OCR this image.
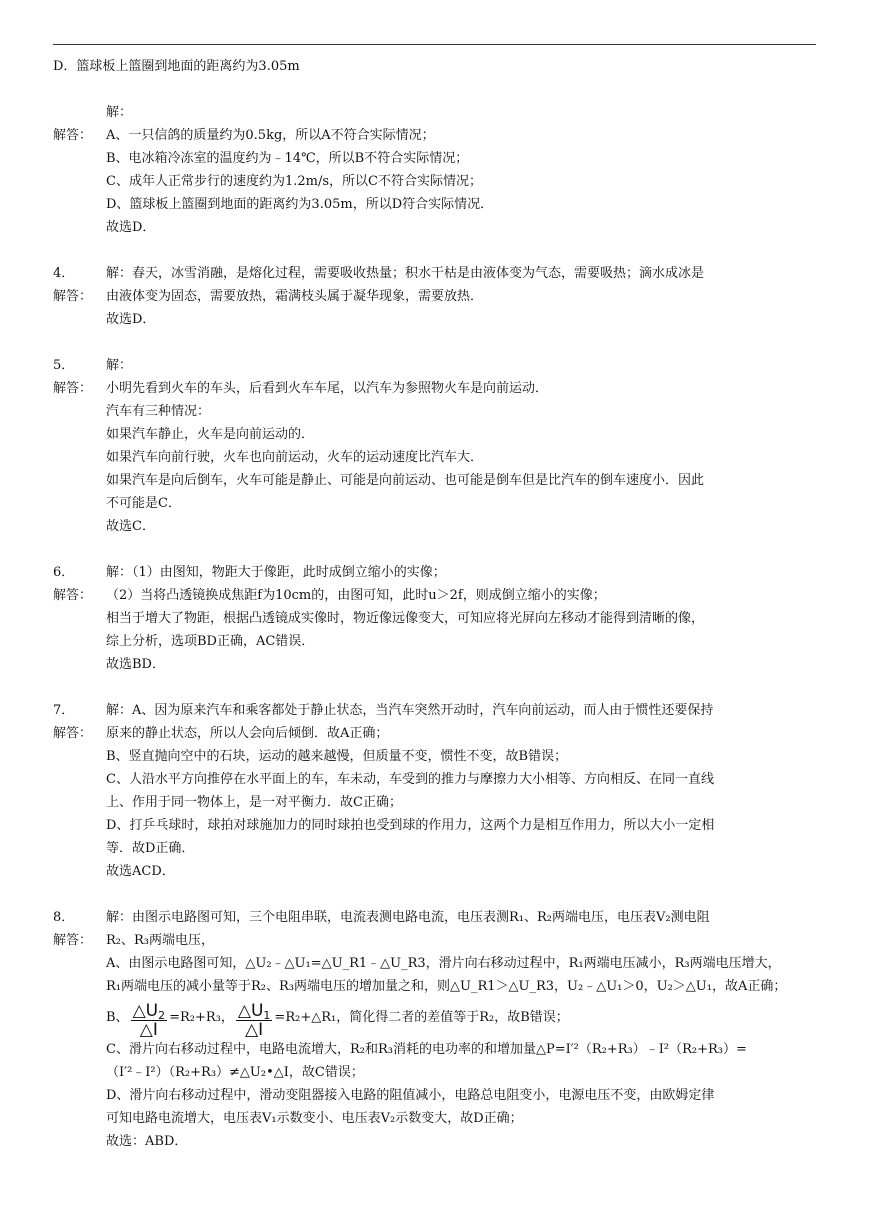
D．篮球板上篮圈到地面的距离约为3.05m
解答：
解：
A、一只信鸽的质量约为0.5kg，所以A不符合实际情况；
B、电冰箱冷冻室的温度约为﹣14℃，所以B不符合实际情况；
C、成年人正常步行的速度约为1.2m/s，所以C不符合实际情况；
D、篮球板上篮圈到地面的距离约为3.05m，所以D符合实际情况．
故选D．
4．
解答：
解：春天，冰雪消融，是熔化过程，需要吸收热量；积水干枯是由液体变为气态，需要吸热；滴水成冰是
由液体变为固态，需要放热，霜满枝头属于凝华现象，需要放热．
故选D．
5．
解答：
解：
小明先看到火车的车头，后看到火车车尾，以汽车为参照物火车是向前运动．
汽车有三种情况：
如果汽车静止，火车是向前运动的．
如果汽车向前行驶，火车也向前运动，火车的运动速度比汽车大．
如果汽车是向后倒车，火车可能是静止、可能是向前运动、也可能是倒车但是比汽车的倒车速度小．因此
不可能是C．
故选C．
6．
解答：
解：（1）由图知，物距大于像距，此时成倒立缩小的实像；
（2）当将凸透镜换成焦距f为10cm的，由图可知，此时u＞2f，则成倒立缩小的实像；
相当于增大了物距，根据凸透镜成实像时，物近像远像变大，可知应将光屏向左移动才能得到清晰的像，
综上分析，选项BD正确，AC错误．
故选BD．
7．
解答：
解：A、因为原来汽车和乘客都处于静止状态，当汽车突然开动时，汽车向前运动，而人由于惯性还要保持
原来的静止状态，所以人会向后倾倒．故A正确；
B、竖直抛向空中的石块，运动的越来越慢，但质量不变，惯性不变，故B错误；
C、人沿水平方向推停在水平面上的车，车未动，车受到的推力与摩擦力大小相等、方向相反、在同一直线
上、作用于同一物体上，是一对平衡力．故C正确；
D、打乒乓球时，球拍对球施加力的同时球拍也受到球的作用力，这两个力是相互作用力，所以大小一定相
等．故D正确．
故选ACD．
8．
解答：
解：由图示电路图可知，三个电阻串联，电流表测电路电流，电压表测R₁、R₂两端电压，电压表V₂测电阻
R₂、R₃两端电压，
A、由图示电路图可知，△U₂﹣△U₁=△U_R1﹣△U_R3，滑片向右移动过程中，R₁两端电压减小，R₃两端电压增大，
R₁两端电压的减小量等于R₂、R₃两端电压的增加量之和，则△U_R1＞△U_R3，U₂﹣△U₁＞0，U₂＞△U₁，故A正确；
B、 $\frac{\triangle U_2}{\triangle I} =R_2+R_3$， $\frac{\triangle U_1}{\triangle I}$ =R₂+△R₁，简化得二者的差值等于R₂，故B错误；
C、滑片向右移动过程中，电路电流增大，R₂和R₃消耗的电功率的和增加量△P=I′²（R₂+R₃）﹣I²（R₂+R₃）=
（I′²﹣I²）（R₂+R₃）≠△U₂•△I，故C错误；
D、滑片向右移动过程中，滑动变阻器接入电路的阻值减小，电路总电阻变小，电源电压不变，由欧姆定律
可知电路电流增大，电压表V₁示数变小、电压表V₂示数变大，故D正确；
故选：ABD．
